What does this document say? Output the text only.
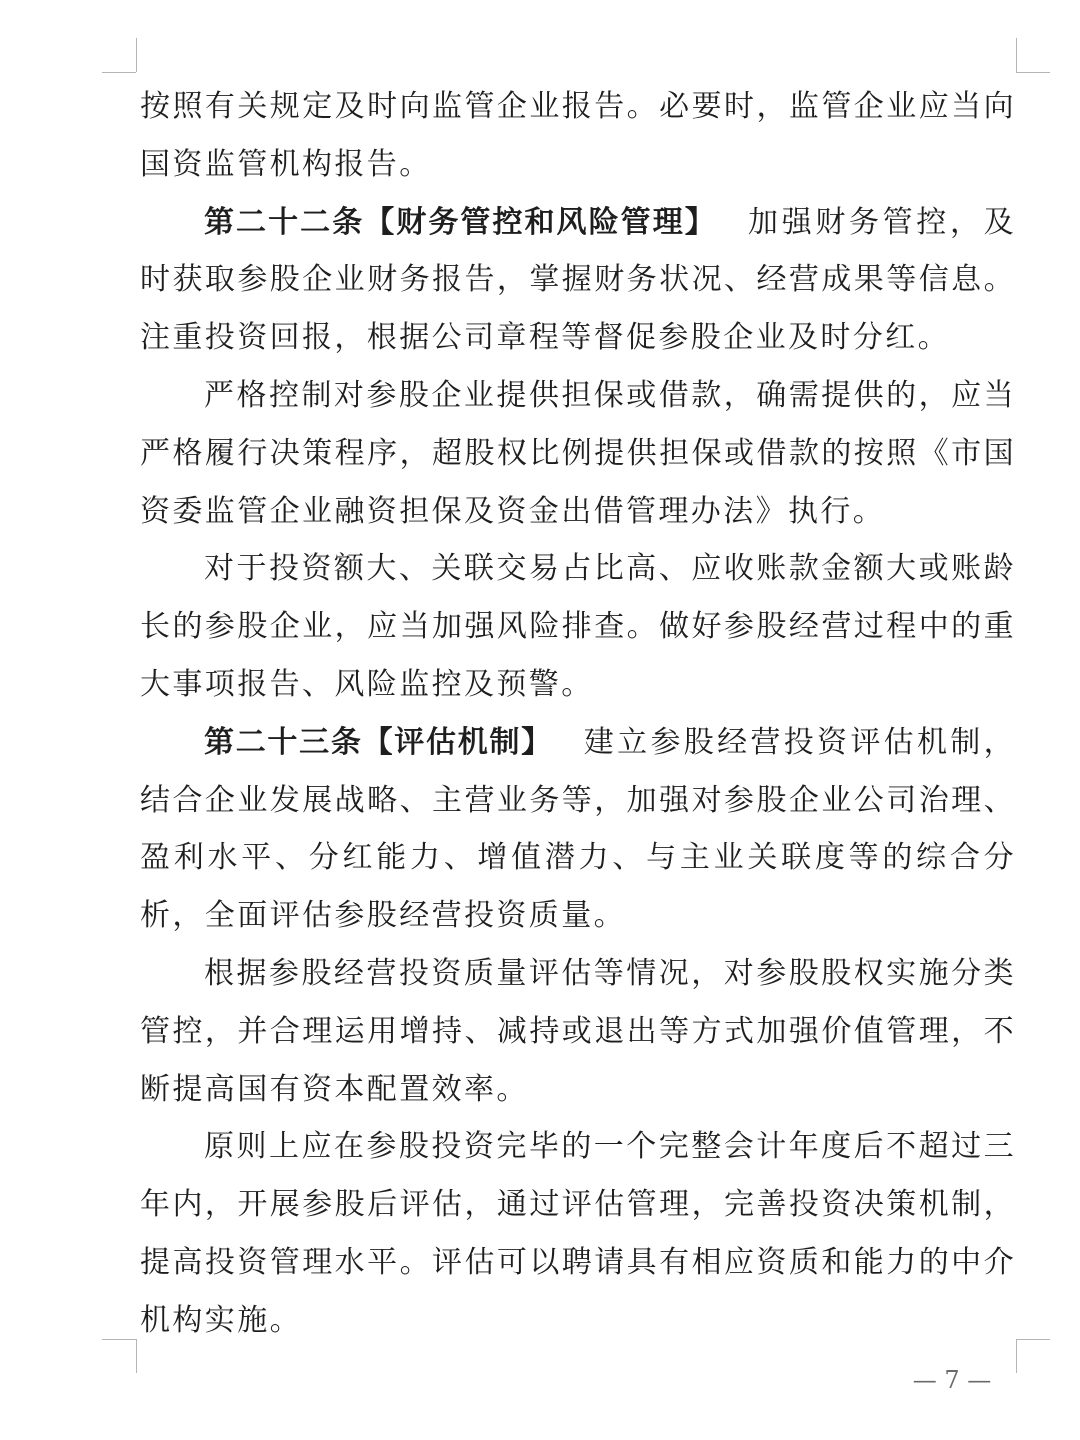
按照有关规定及时向监管企业报告。必要时，监管企业应当向国资监管机构报告。

第二十二条【财务管控和风险管理】 加强财务管控，及时获取参股企业财务报告，掌握财务状况、经营成果等信息。注重投资回报，根据公司章程等督促参股企业及时分红。

严格控制对参股企业提供担保或借款，确需提供的，应当严格履行决策程序，超股权比例提供担保或借款的按照《市国资委监管企业融资担保及资金出借管理办法》执行。

对于投资额大、关联交易占比高、应收账款金额大或账龄长的参股企业，应当加强风险排查。做好参股经营过程中的重大事项报告、风险监控及预警。

第二十三条【评估机制】 建立参股经营投资评估机制，结合企业发展战略、主营业务等，加强对参股企业公司治理、盈利水平、分红能力、增值潜力、与主业关联度等的综合分析，全面评估参股经营投资质量。

根据参股经营投资质量评估等情况，对参股股权实施分类管控，并合理运用增持、减持或退出等方式加强价值管理，不断提高国有资本配置效率。

原则上应在参股投资完毕的一个完整会计年度后不超过三年内，开展参股后评估，通过评估管理，完善投资决策机制，提高投资管理水平。评估可以聘请具有相应资质和能力的中介机构实施。

— 7 —
